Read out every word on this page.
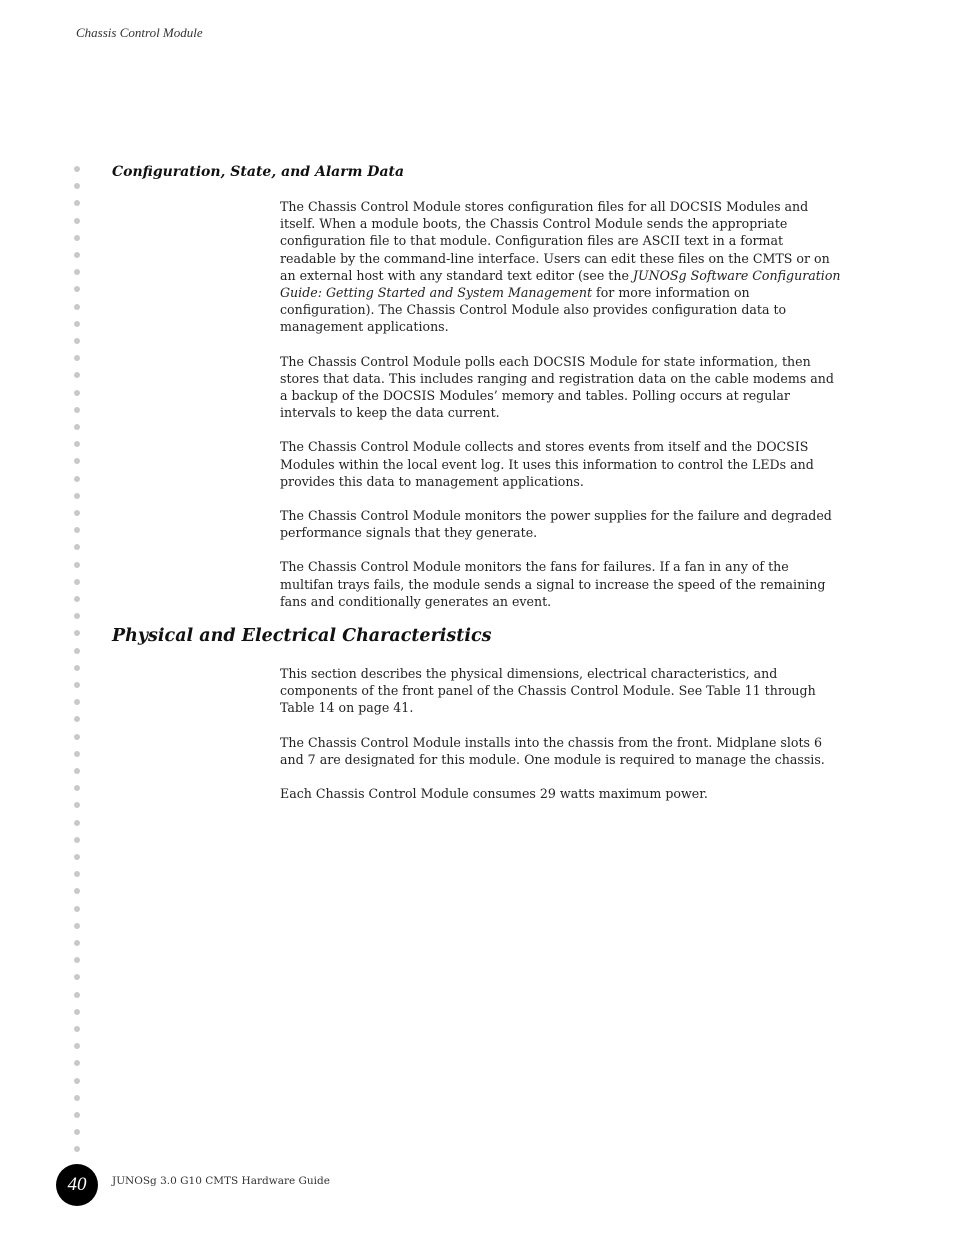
Chassis Control Module
Configuration, State, and Alarm Data

The Chassis Control Module stores configuration files for all DOCSIS Modules and itself. When a module boots, the Chassis Control Module sends the appropriate configuration file to that module. Configuration files are ASCII text in a format readable by the command-line interface. Users can edit these files on the CMTS or on an external host with any standard text editor (see the JUNOSg Software Configuration Guide: Getting Started and System Management for more information on configuration). The Chassis Control Module also provides configuration data to management applications.

The Chassis Control Module polls each DOCSIS Module for state information, then stores that data. This includes ranging and registration data on the cable modems and a backup of the DOCSIS Modules’ memory and tables. Polling occurs at regular intervals to keep the data current.

The Chassis Control Module collects and stores events from itself and the DOCSIS Modules within the local event log. It uses this information to control the LEDs and provides this data to management applications.

The Chassis Control Module monitors the power supplies for the failure and degraded performance signals that they generate.

The Chassis Control Module monitors the fans for failures. If a fan in any of the multifan trays fails, the module sends a signal to increase the speed of the remaining fans and conditionally generates an event.

Physical and Electrical Characteristics

This section describes the physical dimensions, electrical characteristics, and components of the front panel of the Chassis Control Module. See Table 11 through Table 14 on page 41.

The Chassis Control Module installs into the chassis from the front. Midplane slots 6 and 7 are designated for this module. One module is required to manage the chassis.

Each Chassis Control Module consumes 29 watts maximum power.

40	JUNOSg 3.0 G10 CMTS Hardware Guide
